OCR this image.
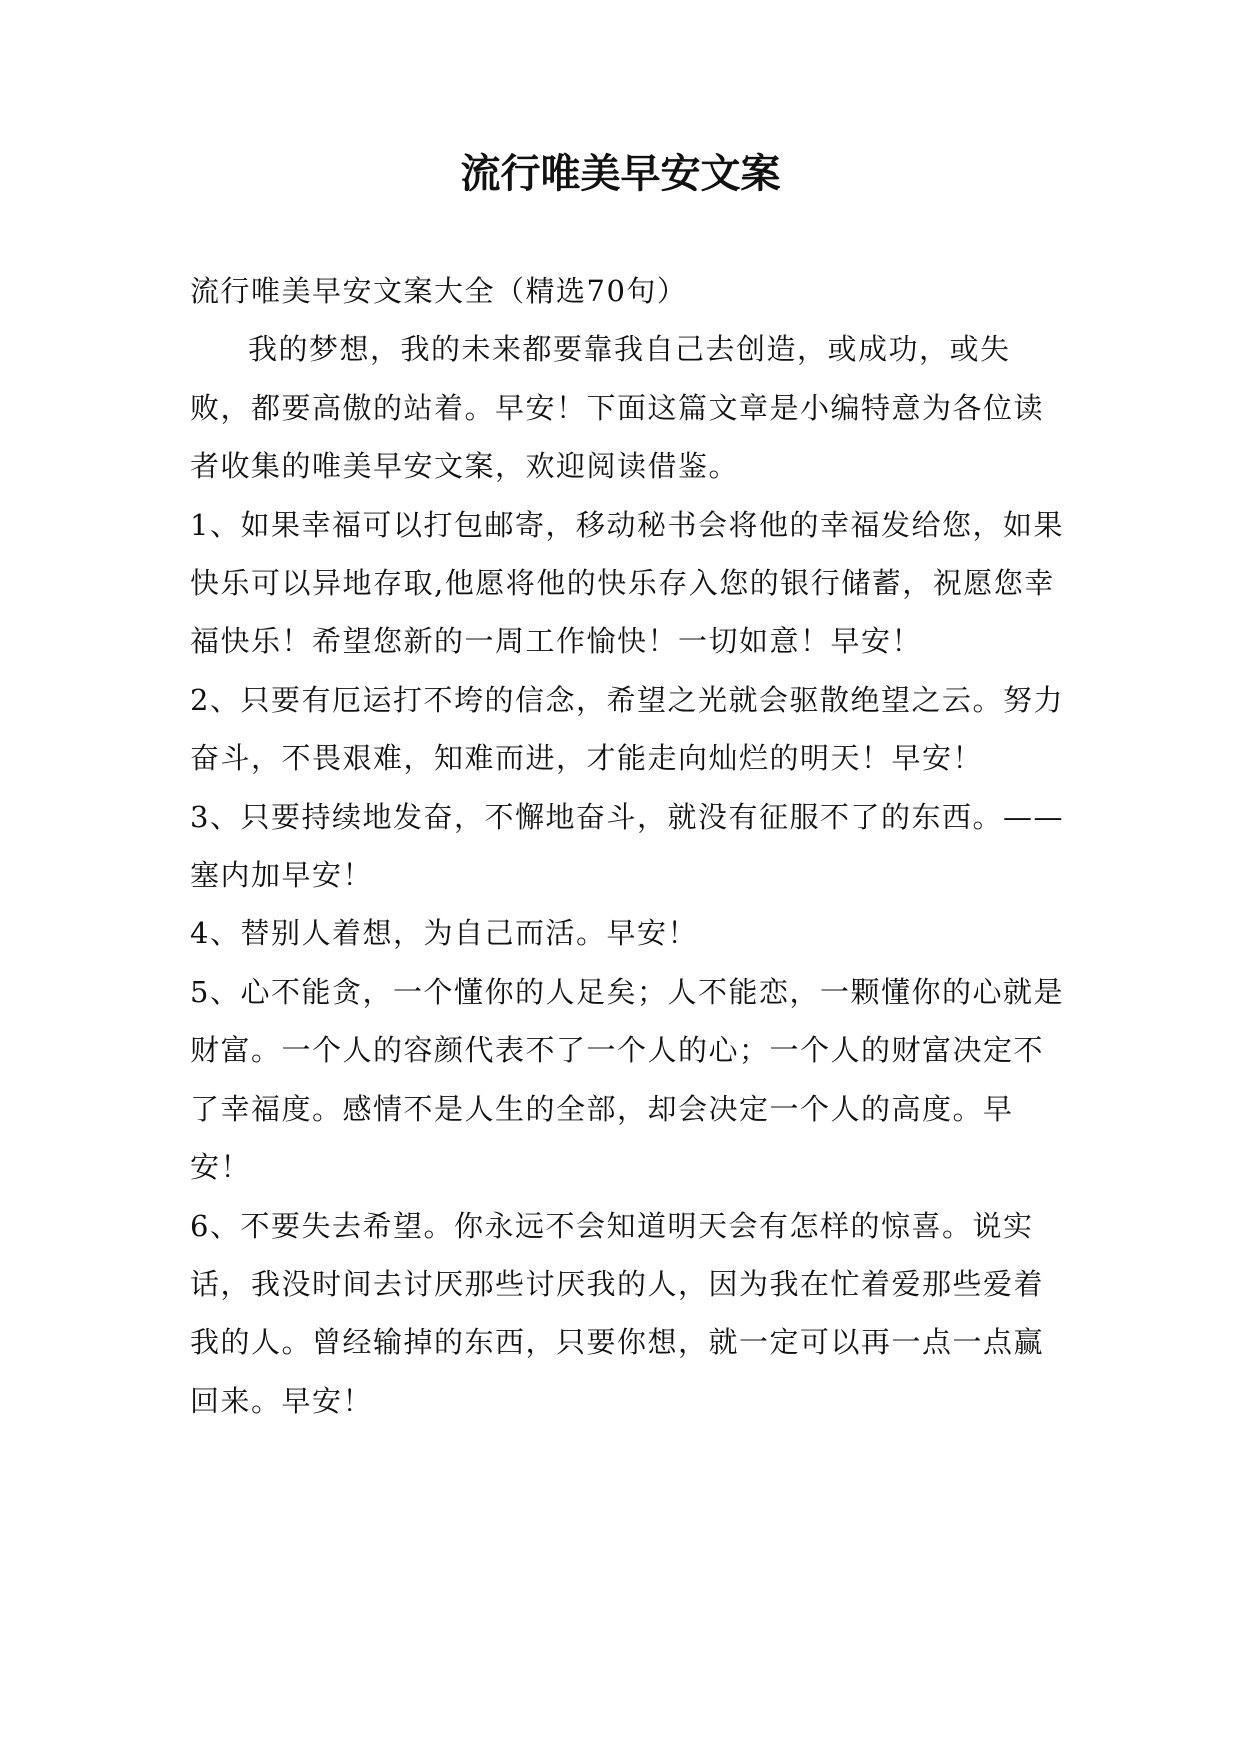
流行唯美早安文案

流行唯美早安文案大全（精选70句）

我的梦想，我的未来都要靠我自己去创造，或成功，或失败，都要高傲的站着。早安！下面这篇文章是小编特意为各位读者收集的唯美早安文案，欢迎阅读借鉴。

1、如果幸福可以打包邮寄，移动秘书会将他的幸福发给您，如果快乐可以异地存取,他愿将他的快乐存入您的银行储蓄，祝愿您幸福快乐！希望您新的一周工作愉快！一切如意！早安！

2、只要有厄运打不垮的信念，希望之光就会驱散绝望之云。努力奋斗，不畏艰难，知难而进，才能走向灿烂的明天！早安！

3、只要持续地发奋，不懈地奋斗，就没有征服不了的东西。——塞内加早安！

4、替别人着想，为自己而活。早安！

5、心不能贪，一个懂你的人足矣；人不能恋，一颗懂你的心就是财富。一个人的容颜代表不了一个人的心；一个人的财富决定不了幸福度。感情不是人生的全部，却会决定一个人的高度。早安！

6、不要失去希望。你永远不会知道明天会有怎样的惊喜。说实话，我没时间去讨厌那些讨厌我的人，因为我在忙着爱那些爱着我的人。曾经输掉的东西，只要你想，就一定可以再一点一点赢回来。早安！
